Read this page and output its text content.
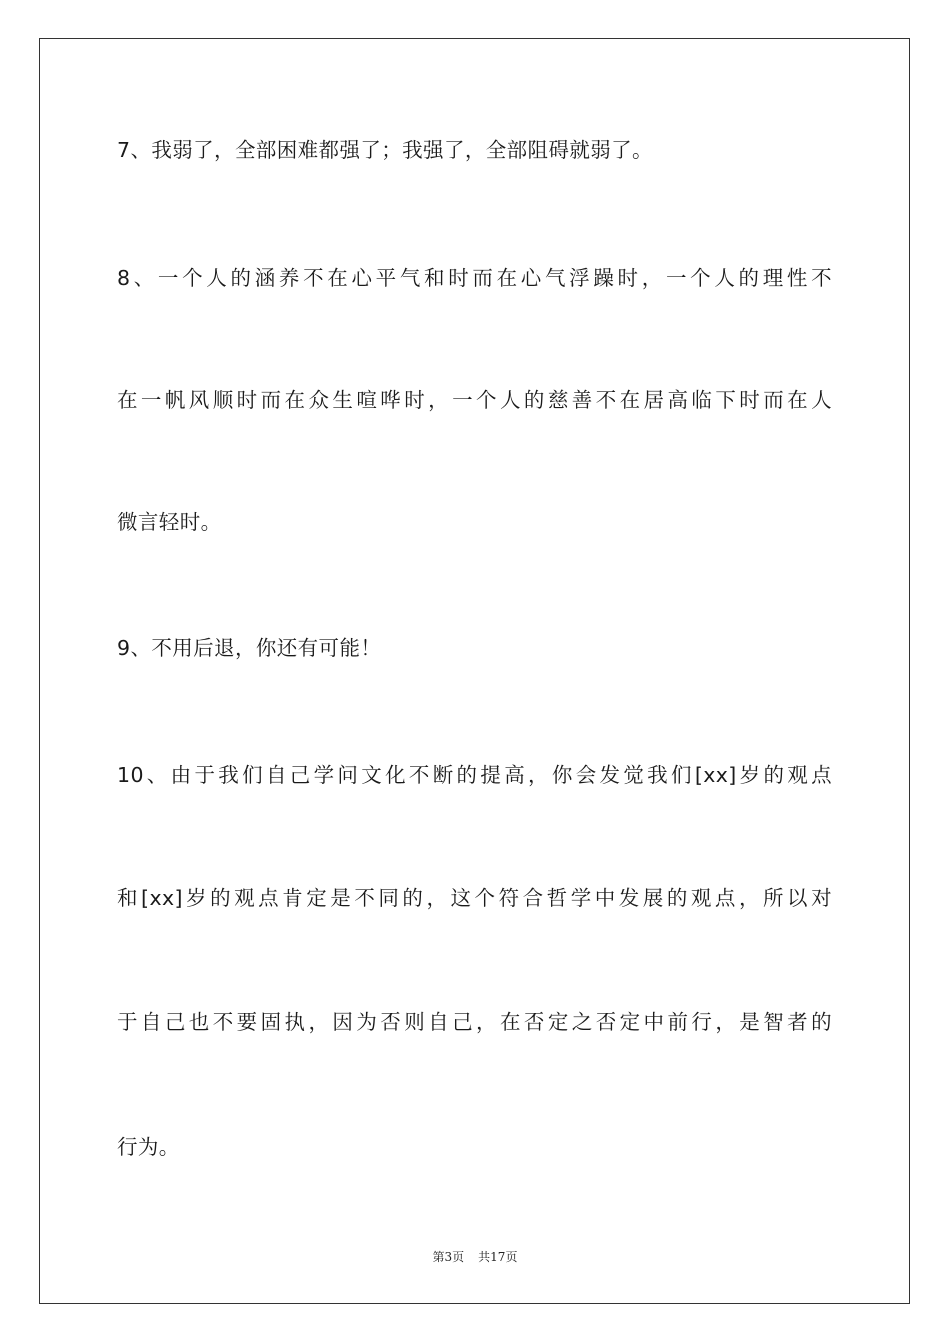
7、我弱了，全部困难都强了；我强了，全部阻碍就弱了。
8、一个人的涵养不在心平气和时而在心气浮躁时，一个人的理性不
在一帆风顺时而在众生喧哗时，一个人的慈善不在居高临下时而在人
微言轻时。
9、不用后退，你还有可能！
10、由于我们自己学问文化不断的提高，你会发觉我们[xx]岁的观点
和[xx]岁的观点肯定是不同的，这个符合哲学中发展的观点，所以对
于自己也不要固执，因为否则自己，在否定之否定中前行，是智者的
行为。
第3页 共17页
